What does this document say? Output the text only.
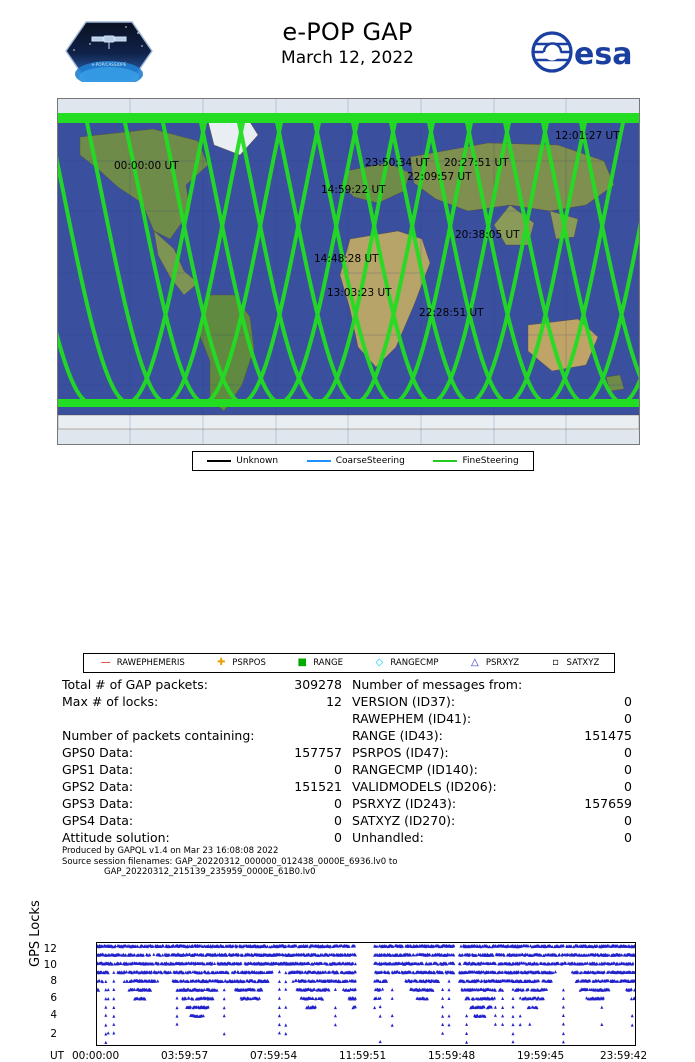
e-POP/CASSIOPE
e-POP GAP
March 12, 2022	esa
12:01:27 UT
00:00:00 UT	23:50:34 UT 20:27:51 UT
22:09:57 UT
14:59:22 UT
20:38:05 UT
14:48:28 UT
13:03:23 UT
22:28:51 UT
Unknown	CoarseSteering	FineSteering
GPS Locks 12
10
8
6
4
2
UT 00:00:00	03:59:57	07:59:54	11:59:51	15:59:48	19:59:45	23:59:42
— RAWEPHEMERIS	✚ PSRPOS	■ RANGE	◇ RANGECMP	△ PSRXYZ	▫ SATXYZ
Total # of GAP packets:	309278
Max # of locks:	12
Number of packets containing:
GPS0 Data:	157757
GPS1 Data:	0
GPS2 Data:	151521
GPS3 Data:	0
GPS4 Data:	0
Attitude solution:	0
Number of messages from:
VERSION (ID37):	0
RAWEPHEM (ID41):	0
RANGE (ID43):	151475
PSRPOS (ID47):	0
RANGECMP (ID140):	0
VALIDMODELS (ID206):	0
PSRXYZ (ID243):	157659
SATXYZ (ID270):	0
Unhandled:	0
Produced by GAPQL v1.4 on Mar 23 16:08:08 2022
Source session filenames: GAP_20220312_000000_012438_0000E_6936.lv0 to
GAP_20220312_215139_235959_0000E_61B0.lv0
